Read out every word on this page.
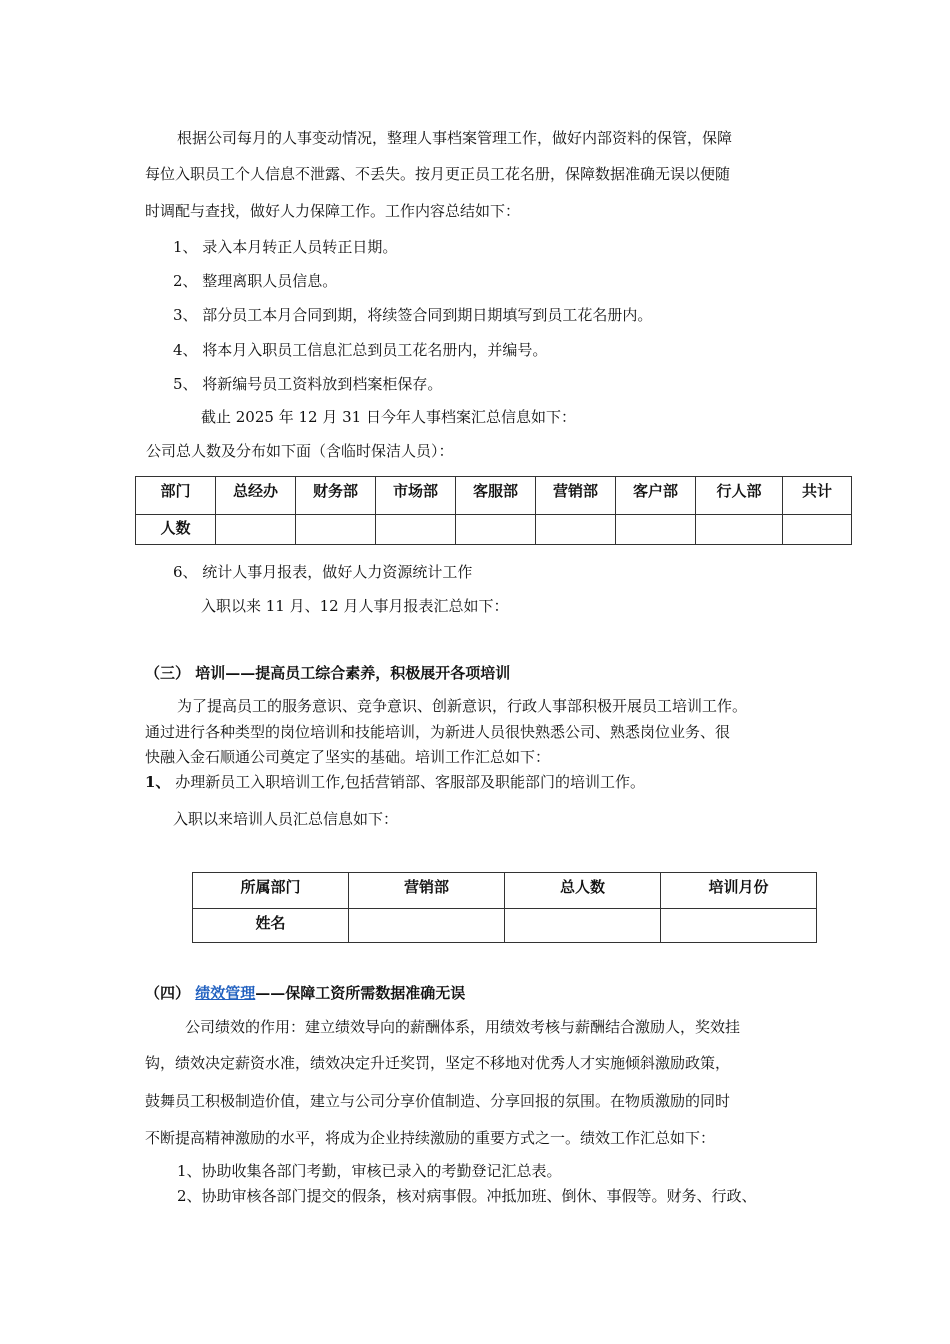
根据公司每月的人事变动情况，整理人事档案管理工作，做好内部资料的保管，保障
每位入职员工个人信息不泄露、不丢失。按月更正员工花名册，保障数据准确无误以便随
时调配与查找，做好人力保障工作。工作内容总结如下：
1、 录入本月转正人员转正日期。
2、 整理离职人员信息。
3、 部分员工本月合同到期，将续签合同到期日期填写到员工花名册内。
4、 将本月入职员工信息汇总到员工花名册内，并编号。
5、 将新编号员工资料放到档案柜保存。
截止 2025 年 12 月 31 日今年人事档案汇总信息如下：
公司总人数及分布如下面（含临时保洁人员）：
部门	总经办	财务部	市场部	客服部	营销部	客户部	行人部	共计
人数								
6、 统计人事月报表，做好人力资源统计工作
入职以来 11 月、12 月人事月报表汇总如下：
（三） 培训——提高员工综合素养，积极展开各项培训
为了提高员工的服务意识、竞争意识、创新意识，行政人事部积极开展员工培训工作。
通过进行各种类型的岗位培训和技能培训，为新进人员很快熟悉公司、熟悉岗位业务、很
快融入金石顺通公司奠定了坚实的基础。培训工作汇总如下：
1、 办理新员工入职培训工作,包括营销部、客服部及职能部门的培训工作。
入职以来培训人员汇总信息如下：
所属部门	营销部	总人数	培训月份
姓名			
（四） 绩效管理——保障工资所需数据准确无误
公司绩效的作用：建立绩效导向的薪酬体系，用绩效考核与薪酬结合激励人，奖效挂
钩，绩效决定薪资水准，绩效决定升迁奖罚，坚定不移地对优秀人才实施倾斜激励政策，
鼓舞员工积极制造价值，建立与公司分享价值制造、分享回报的氛围。在物质激励的同时
不断提高精神激励的水平，将成为企业持续激励的重要方式之一。绩效工作汇总如下：
1、协助收集各部门考勤，审核已录入的考勤登记汇总表。
2、协助审核各部门提交的假条，核对病事假。冲抵加班、倒休、事假等。财务、行政、
